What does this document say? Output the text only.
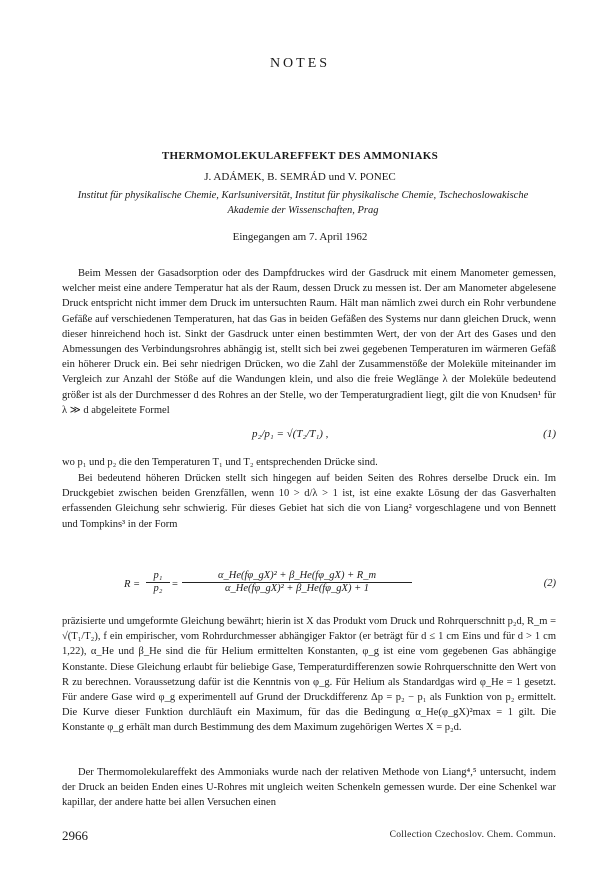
NOTES
THERMOMOLEKULAREFFEKT DES AMMONIAKS
J. ADÁMEK, B. SEMRÁD und V. PONEC
Institut für physikalische Chemie, Karlsuniversität, Institut für physikalische Chemie, Tschechoslowakische Akademie der Wissenschaften, Prag
Eingegangen am 7. April 1962

Beim Messen der Gasadsorption oder des Dampfdruckes wird der Gasdruck mit einem Manometer gemessen, welcher meist eine andere Temperatur hat als der Raum, dessen Druck zu messen ist. Der am Manometer abgelesene Druck entspricht nicht immer dem Druck im untersuchten Raum. Hält man nämlich zwei durch ein Rohr verbundene Gefäße auf verschiedenen Temperaturen, hat das Gas in beiden Gefäßen des Systems nur dann gleichen Druck, wenn dieser hinreichend hoch ist. Sinkt der Gasdruck unter einen bestimmten Wert, der von der Art des Gases und den Abmessungen des Verbindungsrohres abhängig ist, stellt sich bei zwei gegebenen Temperaturen im wärmeren Gefäß ein höherer Druck ein. Bei sehr niedrigen Drücken, wo die Zahl der Zusammenstöße der Moleküle miteinander im Vergleich zur Anzahl der Stöße auf die Wandungen klein, und also die freie Weglänge λ der Moleküle bedeutend größer ist als der Durchmesser d des Rohres an der Stelle, wo der Temperaturgradient liegt, gilt die von Knudsen¹ für λ ≫ d abgeleitete Formel

p₂/p₁ = √(T₂/T₁) ,	(1)

wo p₁ und p₂ die den Temperaturen T₁ und T₂ entsprechenden Drücke sind.

Bei bedeutend höheren Drücken stellt sich hingegen auf beiden Seiten des Rohres derselbe Druck ein. Im Druckgebiet zwischen beiden Grenzfällen, wenn 10 > d/λ > 1 ist, ist eine exakte Lösung der das Gasverhalten erfassenden Gleichung sehr schwierig. Für dieses Gebiet hat sich die von Liang² vorgeschlagene und von Bennett und Tompkins³ in der Form

$R = \frac{\text{p₁}}{\text{p₂}} = \frac{\text{α\_He(fφ\_gX)² + β\_He(fφ\_gX) + R\_m}}{\text{α\_He(fφ\_gX)² + β\_He(fφ\_gX) + 1}}$	(2)

präzisierte und umgeformte Gleichung bewährt; hierin ist X das Produkt vom Druck und Rohrquerschnitt p₂d, R_m = √(T₁/T₂), f ein empirischer, vom Rohrdurchmesser abhängiger Faktor (er beträgt für d ≤ 1 cm Eins und für d > 1 cm 1,22), α_He und β_He sind die für Helium ermittelten Konstanten, φ_g ist eine vom gegebenen Gas abhängige Konstante. Diese Gleichung erlaubt für beliebige Gase, Temperaturdifferenzen sowie Rohrquerschnitte den Wert von R zu berechnen. Voraussetzung dafür ist die Kenntnis von φ_g. Für Helium als Standardgas wird φ_He = 1 gesetzt. Für andere Gase wird φ_g experimentell auf Grund der Druckdifferenz Δp = p₂ − p₁ als Funktion von p₂ ermittelt. Die Kurve dieser Funktion durchläuft ein Maximum, für das die Bedingung α_He(φ_gX)²max = 1 gilt. Die Konstante φ_g erhält man durch Bestimmung des dem Maximum zugehörigen Wertes X = p₂d.

Der Thermomolekulareffekt des Ammoniaks wurde nach der relativen Methode von Liang⁴,⁵ untersucht, indem der Druck an beiden Enden eines U-Rohres mit ungleich weiten Schenkeln gemessen wurde. Der eine Schenkel war kapillar, der andere hatte bei allen Versuchen einen

2966	Collection Czechoslov. Chem. Commun.
